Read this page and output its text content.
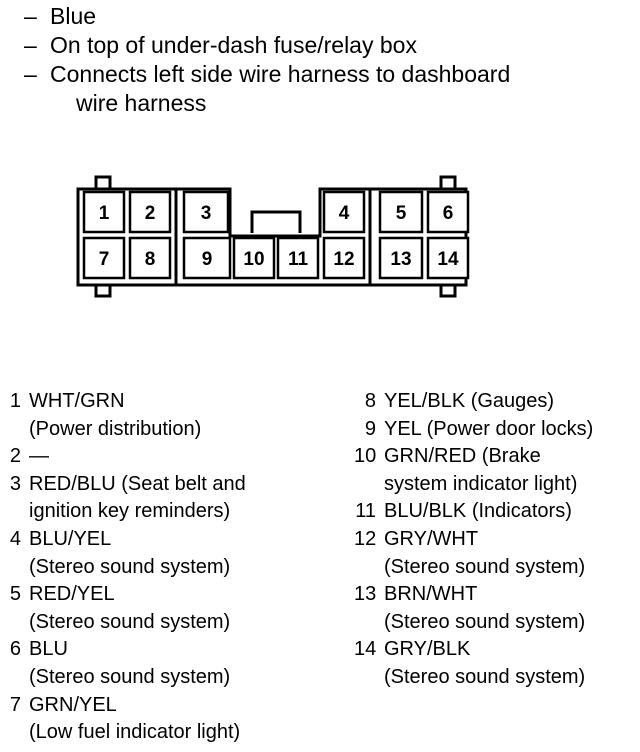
– Blue
– On top of under-dash fuse/relay box
– Connects left side wire harness to dashboard
wire harness
1 2 3	4 5 6
7 8 9 10 11 12 13 14
1 WHT/GRN
(Power distribution)
2 —
3 RED/BLU (Seat belt and
ignition key reminders)
4 BLU/YEL
(Stereo sound system)
5 RED/YEL
(Stereo sound system)
6 BLU
(Stereo sound system)
7 GRN/YEL
(Low fuel indicator light)
8 YEL/BLK (Gauges)
9 YEL (Power door locks)
10 GRN/RED (Brake
system indicator light)
11 BLU/BLK (Indicators)
12 GRY/WHT
(Stereo sound system)
13 BRN/WHT
(Stereo sound system)
14 GRY/BLK
(Stereo sound system)
